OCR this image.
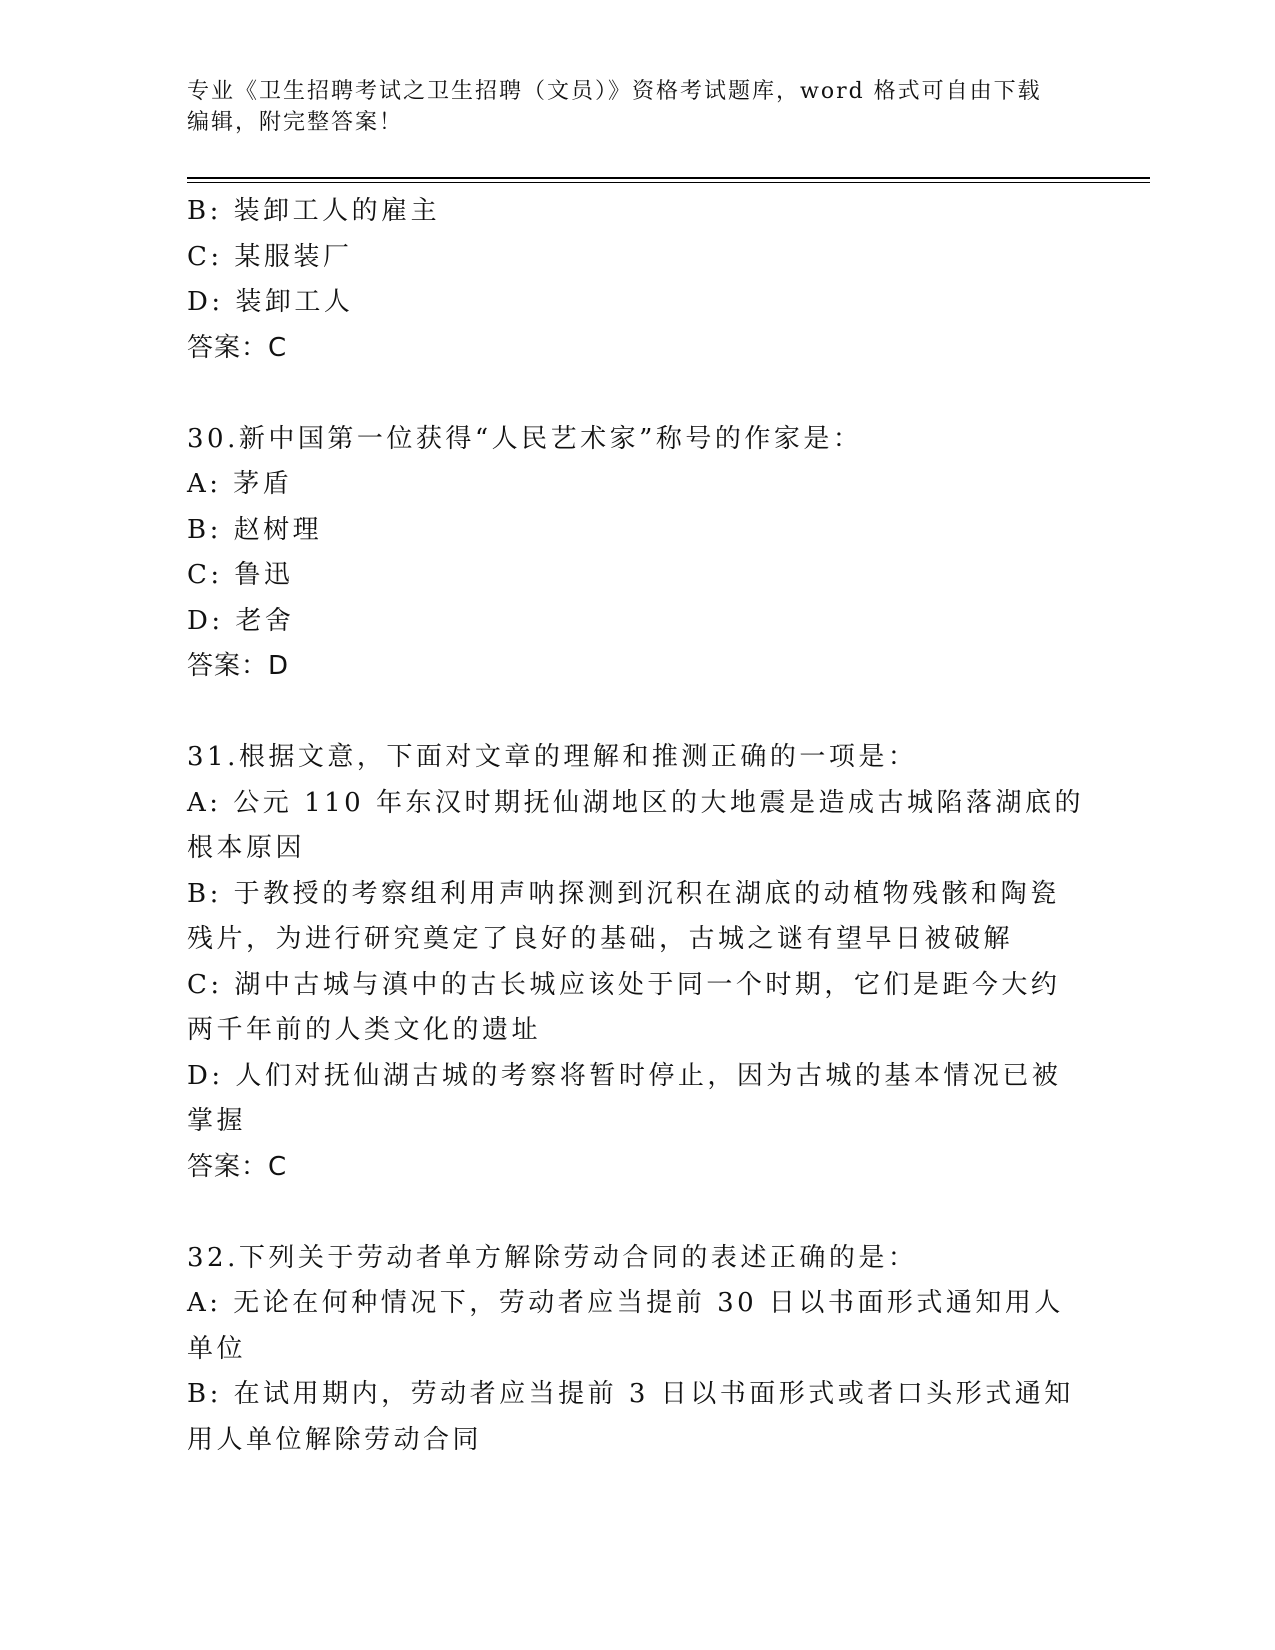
专业《卫生招聘考试之卫生招聘（文员）》资格考试题库，word 格式可自由下载
编辑，附完整答案！

B: 装卸工人的雇主

C: 某服装厂

D: 装卸工人

答案：C

30.新中国第一位获得“人民艺术家”称号的作家是：

A: 茅盾

B: 赵树理

C: 鲁迅

D: 老舍

答案：D

31.根据文意，下面对文章的理解和推测正确的一项是：

A: 公元 110 年东汉时期抚仙湖地区的大地震是造成古城陷落湖底的根本原因

B: 于教授的考察组利用声呐探测到沉积在湖底的动植物残骸和陶瓷残片，为进行研究奠定了良好的基础，古城之谜有望早日被破解

C: 湖中古城与滇中的古长城应该处于同一个时期，它们是距今大约两千年前的人类文化的遗址

D: 人们对抚仙湖古城的考察将暂时停止，因为古城的基本情况已被掌握

答案：C

32.下列关于劳动者单方解除劳动合同的表述正确的是：

A: 无论在何种情况下，劳动者应当提前 30 日以书面形式通知用人单位

B: 在试用期内，劳动者应当提前 3 日以书面形式或者口头形式通知用人单位解除劳动合同
